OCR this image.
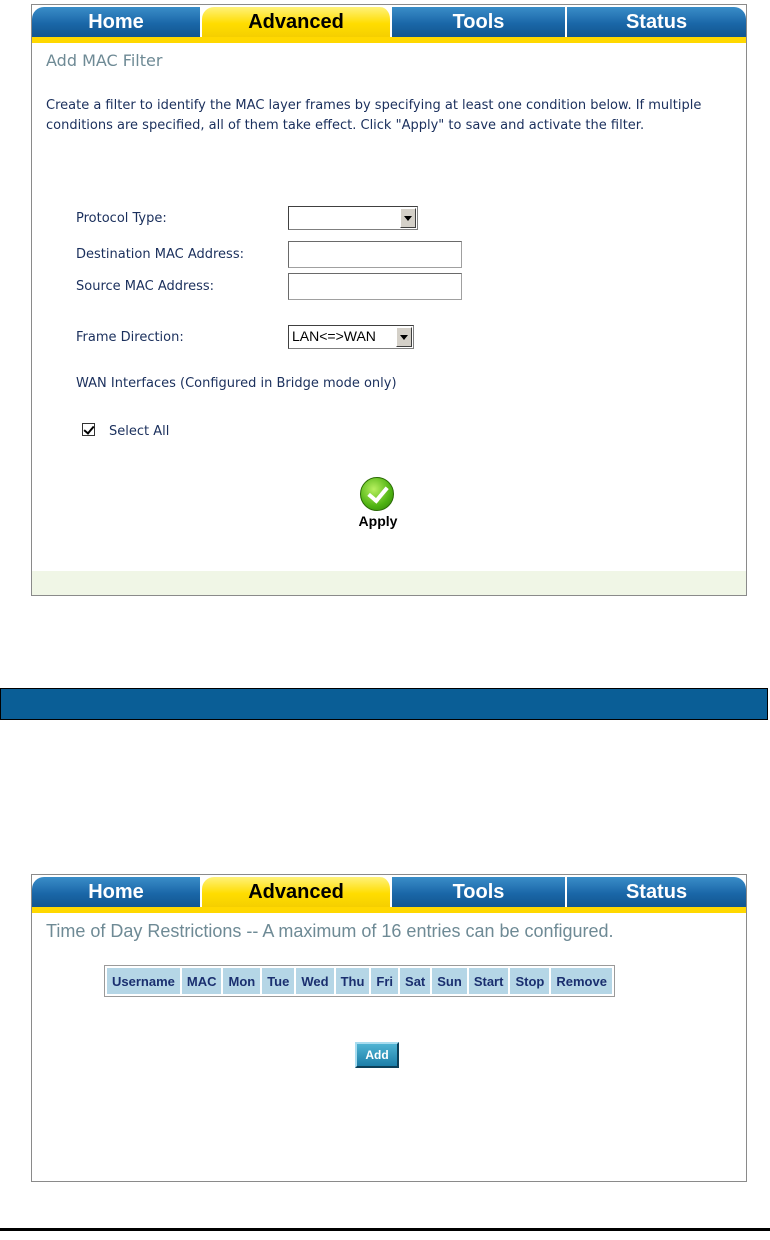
Home	Advanced	Tools	Status
Add MAC Filter
Create a filter to identify the MAC layer frames by specifying at least one condition below. If multiple conditions are specified, all of them take effect. Click "Apply" to save and activate the filter.
Protocol Type:
Destination MAC Address:
Source MAC Address:
Frame Direction:	LAN<=>WAN
WAN Interfaces (Configured in Bridge mode only)
Select All
Apply
Home	Advanced	Tools	Status
Time of Day Restrictions -- A maximum of 16 entries can be configured.
Username	MAC	Mon	Tue	Wed	Thu	Fri	Sat	Sun	Start	Stop	Remove
Add
